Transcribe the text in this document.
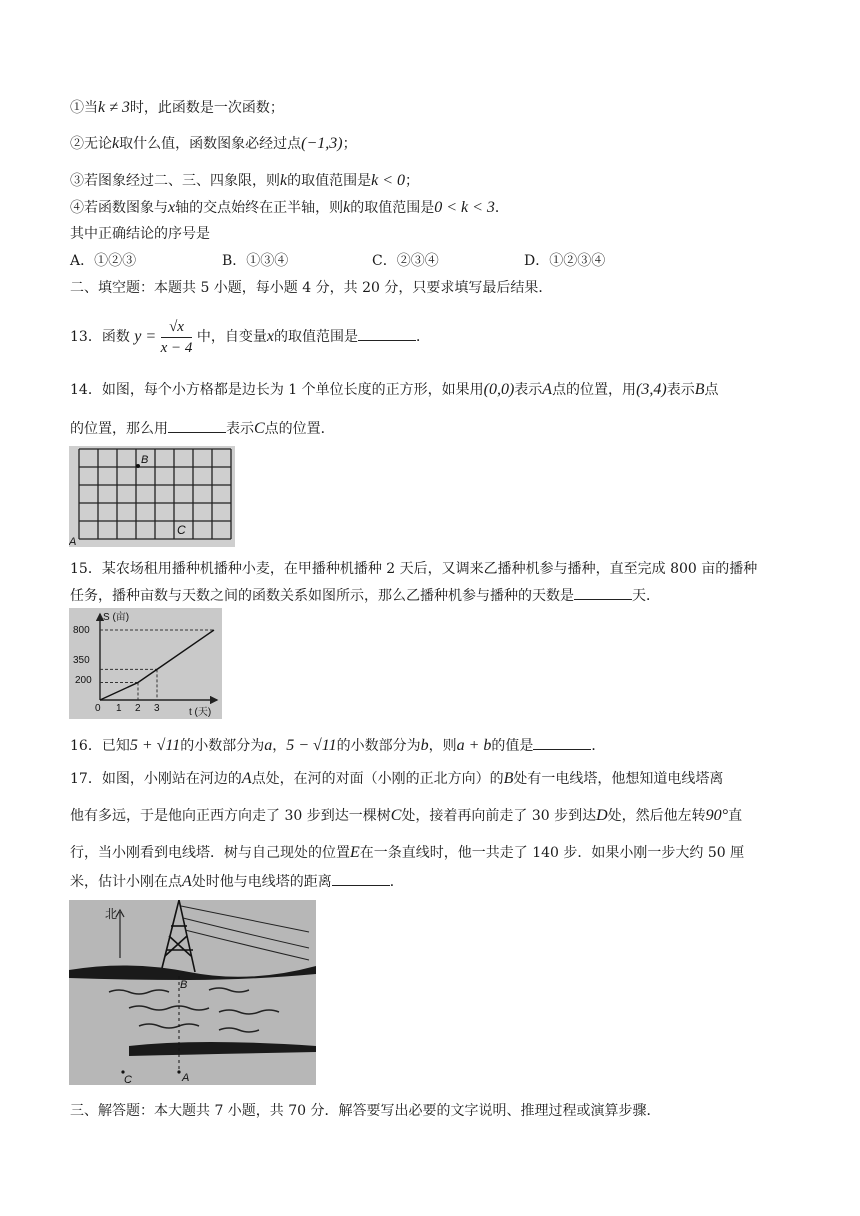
①当k ≠ 3时，此函数是一次函数；
②无论k取什么值，函数图象必经过点(−1,3)；
③若图象经过二、三、四象限，则k的取值范围是k < 0；
④若函数图象与x轴的交点始终在正半轴，则k的取值范围是0 < k < 3．
其中正确结论的序号是
A．①②③	B．①③④	C．②③④	D．①②③④
二、填空题：本题共 5 小题，每小题 4 分，共 20 分，只要求填写最后结果．
13．函数 $y = \frac{√x}{x - 4}$ 中，自变量x的取值范围是	．
14．如图，每个小方格都是边长为 1 个单位长度的正方形，如果用(0,0)表示A点的位置，用(3,4)表示B点
的位置，那么用	表示C点的位置．
B
C
A
15．某农场租用播种机播种小麦，在甲播种机播种 2 天后，又调来乙播种机参与播种，直至完成 800 亩的播种
任务，播种亩数与天数之间的函数关系如图所示，那么乙播种机参与播种的天数是	天．
S (亩)
t (天)
800
350
200
0 1 2 3
16．已知5 + √11的小数部分为a，5 − √11的小数部分为b，则a + b的值是	．
17．如图，小刚站在河边的A点处，在河的对面（小刚的正北方向）的B处有一电线塔，他想知道电线塔离
他有多远，于是他向正西方向走了 30 步到达一棵树C处，接着再向前走了 30 步到达D处，然后他左转90°直
行，当小刚看到电线塔．树与自己现处的位置E在一条直线时，他一共走了 140 步．如果小刚一步大约 50 厘
米，估计小刚在点A处时他与电线塔的距离	．
北
B
A
C
三、解答题：本大题共 7 小题，共 70 分．解答要写出必要的文字说明、推理过程或演算步骤．
